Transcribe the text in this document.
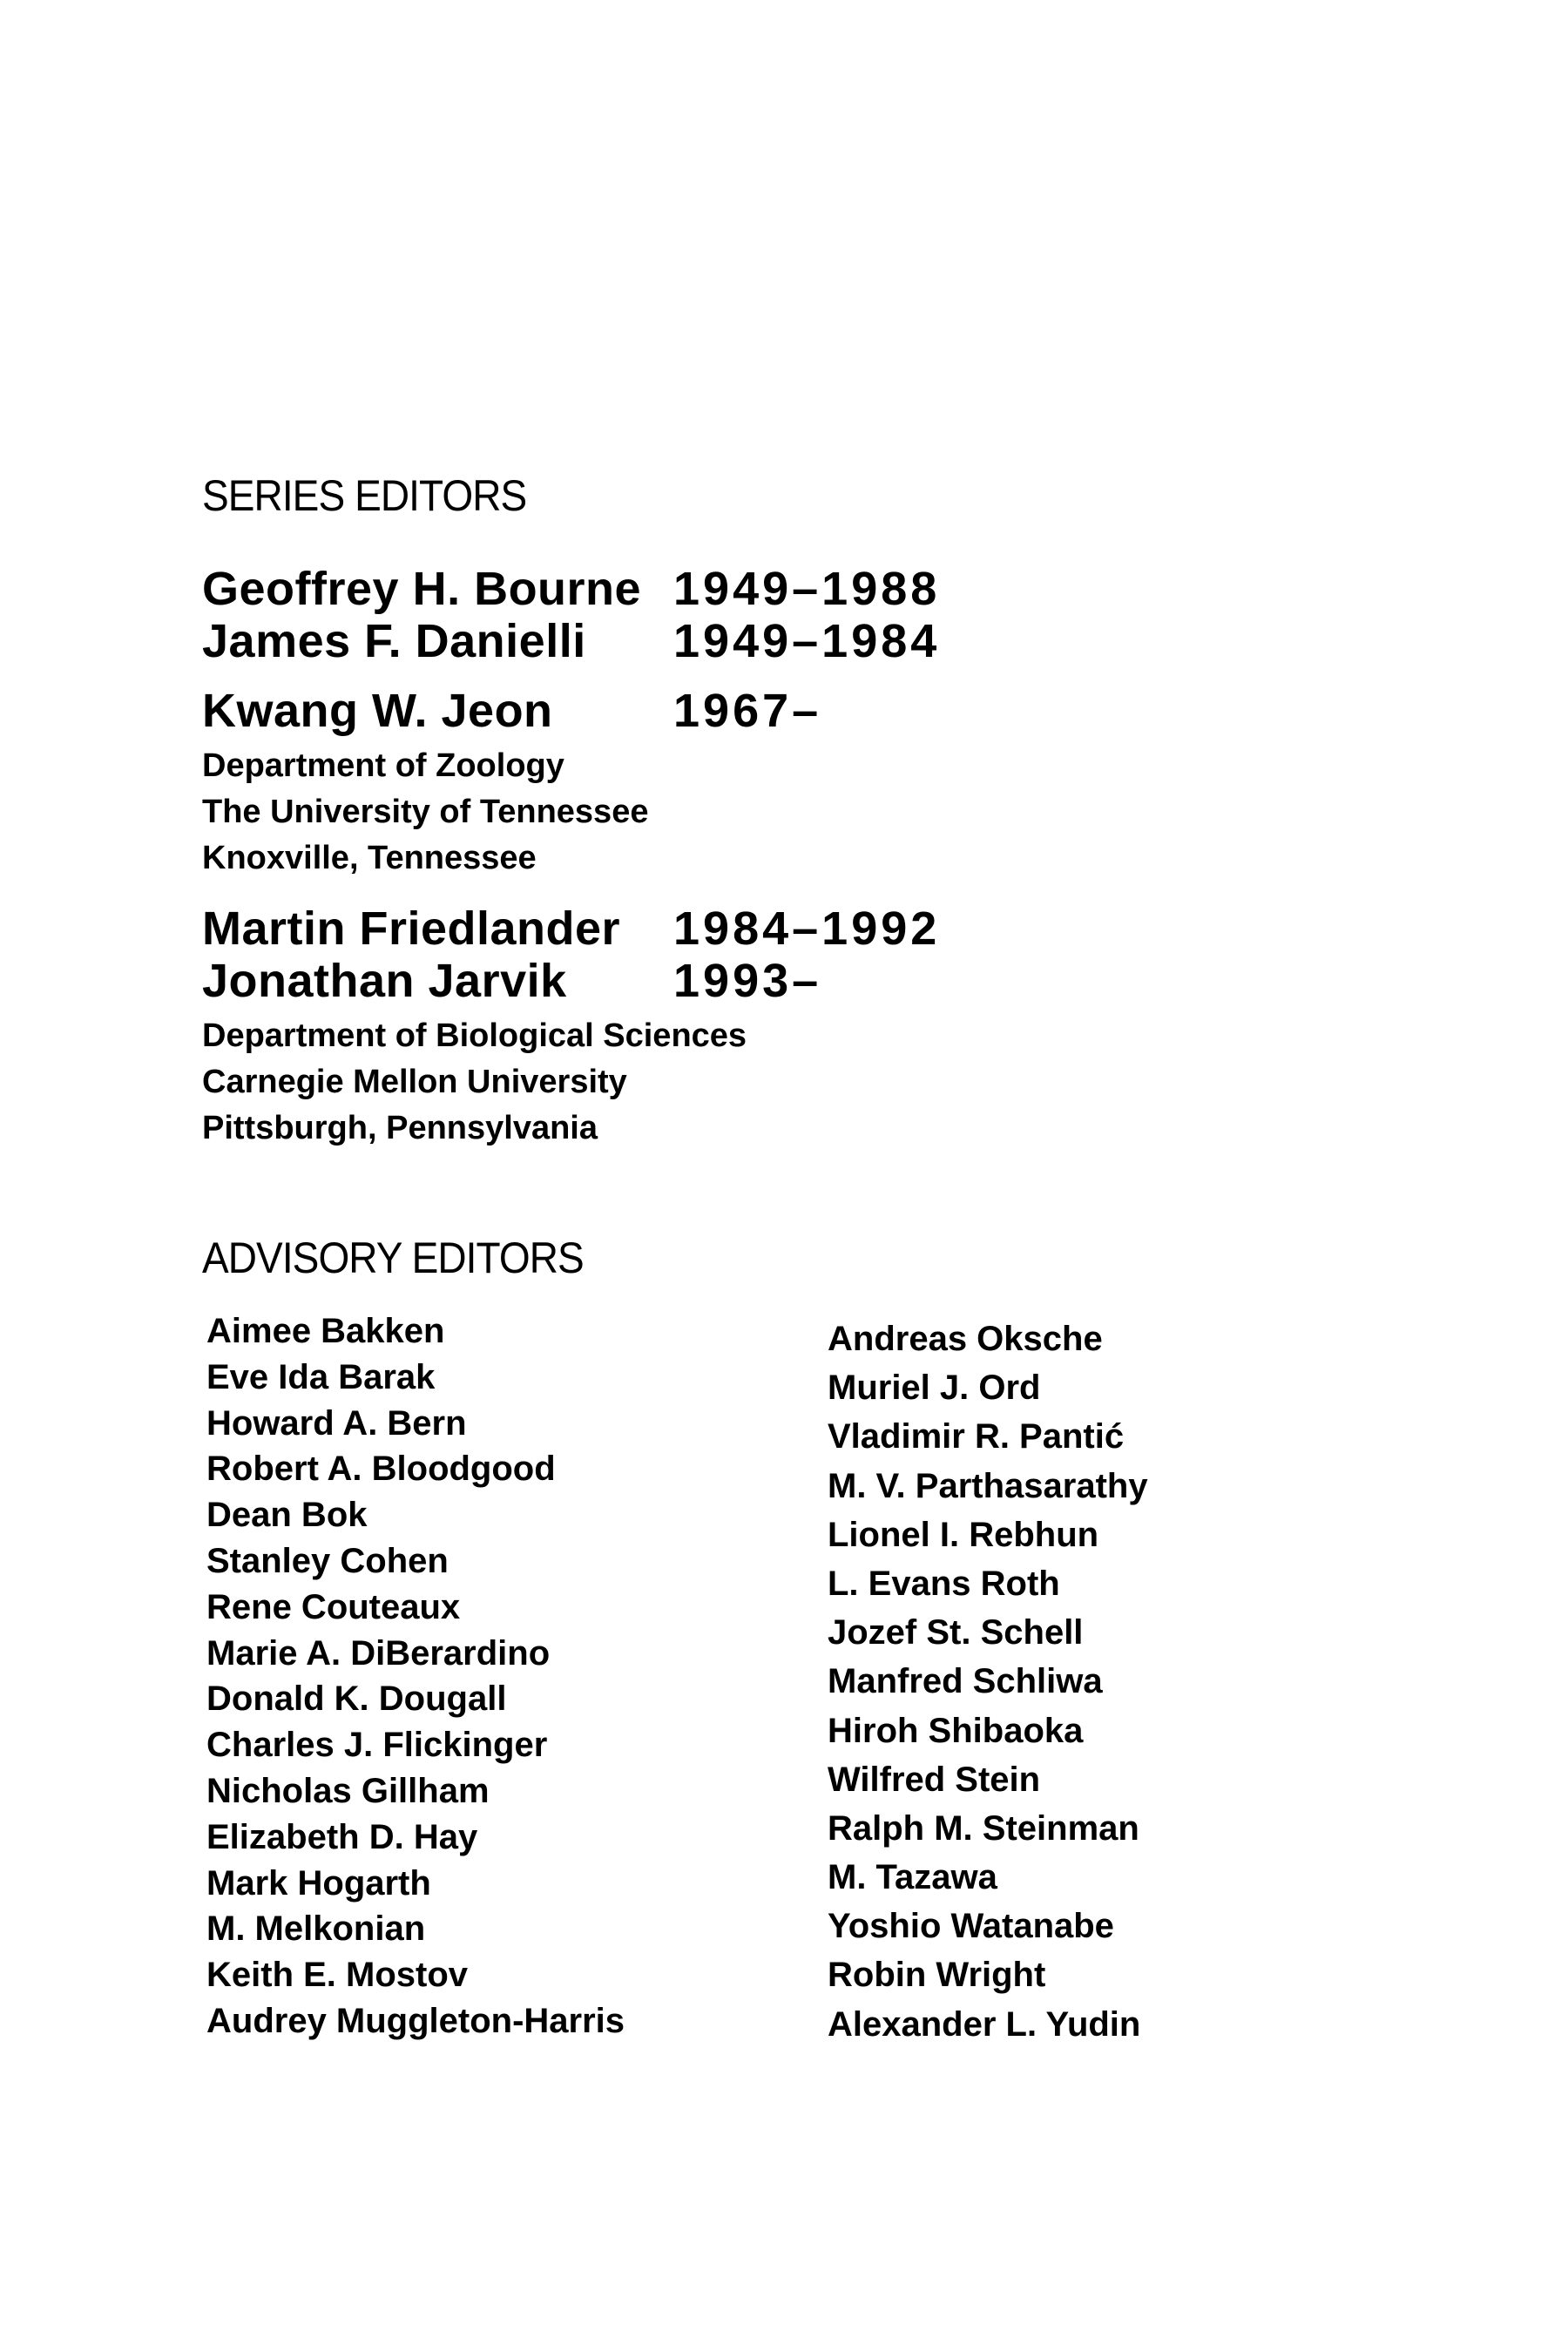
SERIES EDITORS
Geoffrey H. Bourne 1949–1988
James F. Danielli 1949–1984
Kwang W. Jeon	1967–
Department of Zoology
The University of Tennessee
Knoxville, Tennessee
Martin Friedlander 1984–1992
Jonathan Jarvik 1993–
Department of Biological Sciences
Carnegie Mellon University
Pittsburgh, Pennsylvania
ADVISORY EDITORS
Aimee Bakken
Eve Ida Barak
Howard A. Bern
Robert A. Bloodgood
Dean Bok
Stanley Cohen
Rene Couteaux
Marie A. DiBerardino
Donald K. Dougall
Charles J. Flickinger
Nicholas Gillham
Elizabeth D. Hay
Mark Hogarth
M. Melkonian
Keith E. Mostov
Audrey Muggleton-Harris
Andreas Oksche
Muriel J. Ord
Vladimir R. Pantić
M. V. Parthasarathy
Lionel I. Rebhun
L. Evans Roth
Jozef St. Schell
Manfred Schliwa
Hiroh Shibaoka
Wilfred Stein
Ralph M. Steinman
M. Tazawa
Yoshio Watanabe
Robin Wright
Alexander L. Yudin
